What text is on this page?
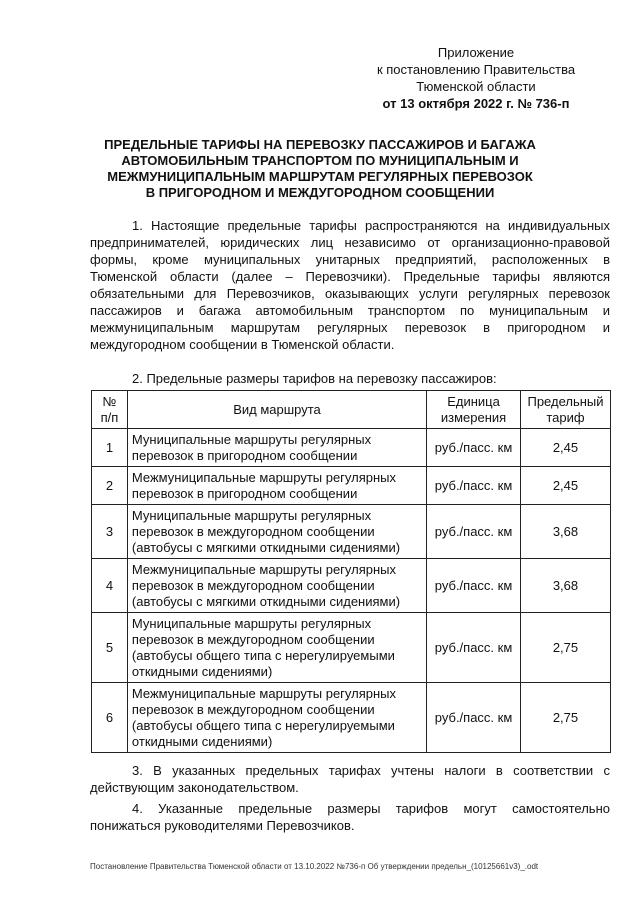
Приложение
к постановлению Правительства
Тюменской области
от 13 октября 2022 г. № 736-п
ПРЕДЕЛЬНЫЕ ТАРИФЫ НА ПЕРЕВОЗКУ ПАССАЖИРОВ И БАГАЖА
АВТОМОБИЛЬНЫМ ТРАНСПОРТОМ ПО МУНИЦИПАЛЬНЫМ И
МЕЖМУНИЦИПАЛЬНЫМ МАРШРУТАМ РЕГУЛЯРНЫХ ПЕРЕВОЗОК
В ПРИГОРОДНОМ И МЕЖДУГОРОДНОМ СООБЩЕНИИ
1. Настоящие предельные тарифы распространяются на индивидуальных предпринимателей, юридических лиц независимо от организационно-правовой формы, кроме муниципальных унитарных предприятий, расположенных в Тюменской области (далее – Перевозчики). Предельные тарифы являются обязательными для Перевозчиков, оказывающих услуги регулярных перевозок пассажиров и багажа автомобильным транспортом по муниципальным и межмуниципальным маршрутам регулярных перевозок в пригородном и междугородном сообщении в Тюменской области.
2. Предельные размеры тарифов на перевозку пассажиров:
№ п/п	Вид маршрута	Единица измерения	Предельный тариф
1	Муниципальные маршруты регулярных перевозок в пригородном сообщении	руб./пасс. км	2,45
2	Межмуниципальные маршруты регулярных перевозок в пригородном сообщении	руб./пасс. км	2,45
3	Муниципальные маршруты регулярных перевозок в междугородном сообщении (автобусы с мягкими откидными сидениями)	руб./пасс. км	3,68
4	Межмуниципальные маршруты регулярных перевозок в междугородном сообщении (автобусы с мягкими откидными сидениями)	руб./пасс. км	3,68
5	Муниципальные маршруты регулярных перевозок в междугородном сообщении (автобусы общего типа с нерегулируемыми откидными сидениями)	руб./пасс. км	2,75
6	Межмуниципальные маршруты регулярных перевозок в междугородном сообщении (автобусы общего типа с нерегулируемыми откидными сидениями)	руб./пасс. км	2,75
3. В указанных предельных тарифах учтены налоги в соответствии с действующим законодательством.
4. Указанные предельные размеры тарифов могут самостоятельно понижаться руководителями Перевозчиков.
Постановление Правительства Тюменской области от 13.10.2022 №736-п Об утверждении предельн_(10125661v3)_.odt
